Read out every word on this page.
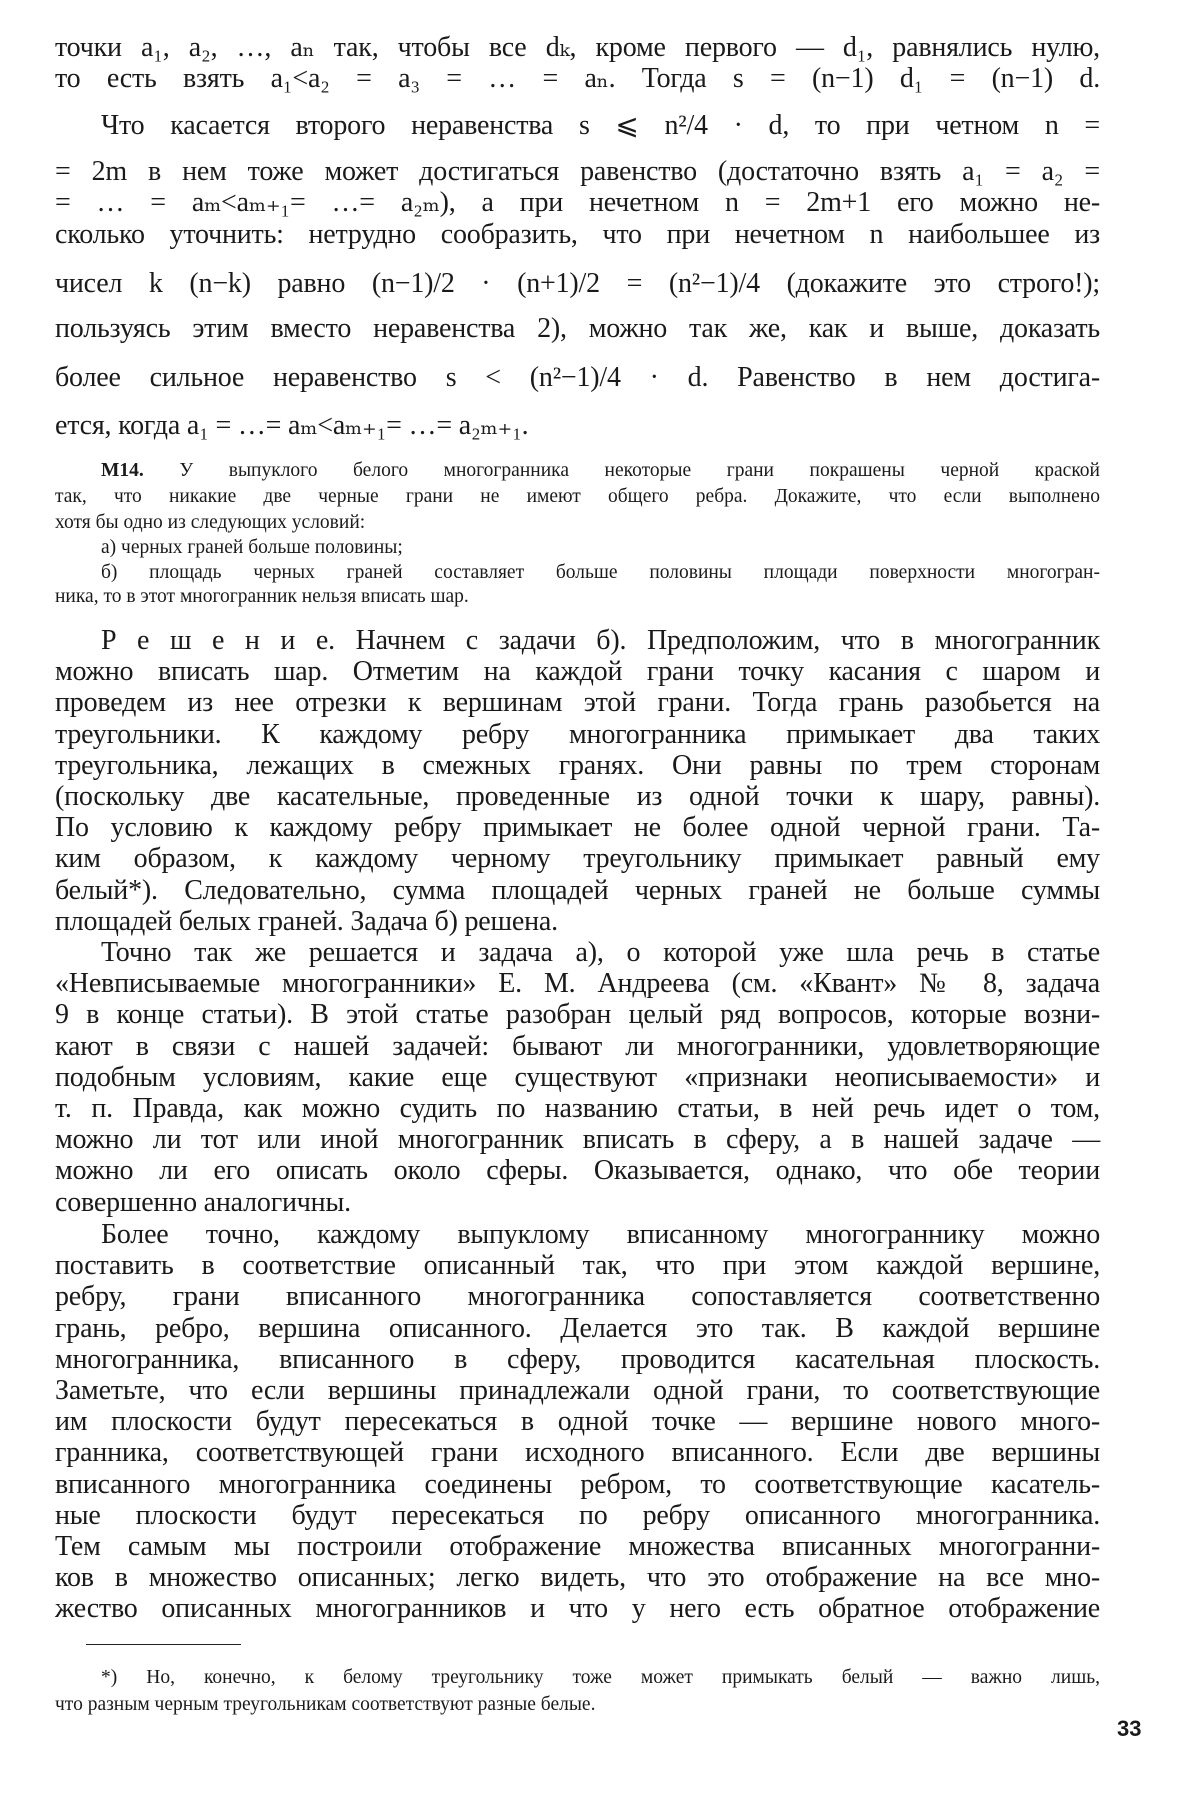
точки a₁, a₂, …, aₙ так, чтобы все dₖ, кроме первого — d₁, равнялись нулю,
то есть взять a₁<a₂ = a₃ = … = aₙ. Тогда s = (n−1) d₁ = (n−1) d.
Что касается второго неравенства s ⩽ n²/4 · d, то при четном n =
= 2m в нем тоже может достигаться равенство (достаточно взять a₁ = a₂ =
= … = aₘ<aₘ₊₁= …= a₂ₘ), а при нечетном n = 2m+1 его можно не-
сколько уточнить: нетрудно сообразить, что при нечетном n наибольшее из
чисел k (n−k) равно (n−1)/2 · (n+1)/2 = (n²−1)/4 (докажите это строго!);
пользуясь этим вместо неравенства 2), можно так же, как и выше, доказать
более сильное неравенство s < (n²−1)/4 · d. Равенство в нем достига-
ется, когда a₁ = …= aₘ<aₘ₊₁= …= a₂ₘ₊₁.
M14. У выпуклого белого многогранника некоторые грани покрашены черной краской
так, что никакие две черные грани не имеют общего ребра. Докажите, что если выполнено
хотя бы одно из следующих условий:
а) черных граней больше половины;
б) площадь черных граней составляет больше половины площади поверхности многогран-
ника, то в этот многогранник нельзя вписать шар.
Р е ш е н и е. Начнем с задачи б). Предположим, что в многогранник
можно вписать шар. Отметим на каждой грани точку касания с шаром и
проведем из нее отрезки к вершинам этой грани. Тогда грань разобьется на
треугольники. К каждому ребру многогранника примыкает два таких
треугольника, лежащих в смежных гранях. Они равны по трем сторонам
(поскольку две касательные, проведенные из одной точки к шару, равны).
По условию к каждому ребру примыкает не более одной черной грани. Та-
ким образом, к каждому черному треугольнику примыкает равный ему
белый*). Следовательно, сумма площадей черных граней не больше суммы
площадей белых граней. Задача б) решена.
Точно так же решается и задача а), о которой уже шла речь в статье
«Невписываемые многогранники» Е. М. Андреева (см. «Квант» № 8, задача
9 в конце статьи). В этой статье разобран целый ряд вопросов, которые возни-
кают в связи с нашей задачей: бывают ли многогранники, удовлетворяющие
подобным условиям, какие еще существуют «признаки неописываемости» и
т. п. Правда, как можно судить по названию статьи, в ней речь идет о том,
можно ли тот или иной многогранник вписать в сферу, а в нашей задаче —
можно ли его описать около сферы. Оказывается, однако, что обе теории
совершенно аналогичны.
Более точно, каждому выпуклому вписанному многограннику можно
поставить в соответствие описанный так, что при этом каждой вершине,
ребру, грани вписанного многогранника сопоставляется соответственно
грань, ребро, вершина описанного. Делается это так. В каждой вершине
многогранника, вписанного в сферу, проводится касательная плоскость.
Заметьте, что если вершины принадлежали одной грани, то соответствующие
им плоскости будут пересекаться в одной точке — вершине нового много-
гранника, соответствующей грани исходного вписанного. Если две вершины
вписанного многогранника соединены ребром, то соответствующие касатель-
ные плоскости будут пересекаться по ребру описанного многогранника.
Тем самым мы построили отображение множества вписанных многогранни-
ков в множество описанных; легко видеть, что это отображение на все мно-
жество описанных многогранников и что у него есть обратное отображение
*) Но, конечно, к белому треугольнику тоже может примыкать белый — важно лишь,
что разным черным треугольникам соответствуют разные белые.
33
